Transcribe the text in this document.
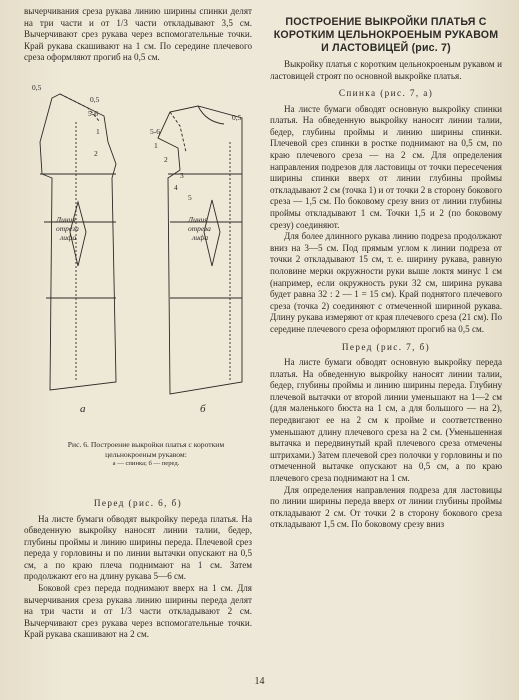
вычерчивания среза рукава линию ширины спинки делят на три части и от 1/3 части откладывают 3,5 см. Вычерчивают срез рукава через вспомогательные точки. Край рукава скашивают на 1 см. По середине плечевого среза оформляют прогиб на 0,5 см.

0,5
0,5
5-6
1
2
Линия
отреза
лифа
5-6
1
2
3
4
5
0,5
Линия
отреза
лифа
а	б
Рис. 6. Построение выкройки платья с коротким цельнокроеным рукавом:
а — спинка; б — перед.
Перед (рис. 6, б)

На листе бумаги обводят выкройку переда платья. На обведенную выкройку наносят линии талии, бедер, глубины проймы и линию ширины переда. Плечевой срез переда у горловины и по линии вытачки опускают на 0,5 см, а по краю плеча поднимают на 1 см. Затем продолжают его на длину рукава 5—6 см.

Боковой срез переда поднимают вверх на 1 см. Для вычерчивания среза рукава линию ширины переда делят на три части и от 1/3 части откладывают 2 см. Вычерчивают срез рукава через вспомогательные точки. Край рукава скашивают на 2 см.

ПОСТРОЕНИЕ ВЫКРОЙКИ ПЛАТЬЯ С КОРОТКИМ ЦЕЛЬНОКРОЕНЫМ РУКАВОМ И ЛАСТОВИЦЕЙ (рис. 7)

Выкройку платья с коротким цельнокроеным рукавом и ластовицей строят по основной выкройке платья.

Спинка (рис. 7, а)

На листе бумаги обводят основную выкройку спинки платья. На обведенную выкройку наносят линии талии, бедер, глубины проймы и линию ширины спинки. Плечевой срез спинки в ростке поднимают на 0,5 см, по краю плечевого среза — на 2 см. Для определения направления подрезов для ластовицы от точки пересечения ширины спинки вверх от линии глубины проймы откладывают 2 см (точка 1) и от точки 2 в сторону бокового среза — 1,5 см. По боковому срезу вниз от линии глубины проймы откладывают 1 см. Точки 1,5 и 2 (по боковому срезу) соединяют.

Для более длинного рукава линию подреза продолжают вниз на 3—5 см. Под прямым углом к линии подреза от точки 2 откладывают 15 см, т. е. ширину рукава, равную половине мерки окружности руки выше локтя минус 1 см (например, если окружность руки 32 см, ширина рукава будет равна 32 : 2 — 1 = 15 см). Край поднятого плечевого среза (точка 2) соединяют с отмеченной шириной рукава. Длину рукава измеряют от края плечевого среза (21 см). По середине плечевого среза оформляют прогиб на 0,5 см.

Перед (рис. 7, б)

На листе бумаги обводят основную выкройку переда платья. На обведенную выкройку наносят линии талии, бедер, глубины проймы и линию ширины переда. Глубину плечевой вытачки от второй линии уменьшают на 1—2 см (для маленького бюста на 1 см, а для большого — на 2), передвигают ее на 2 см к проймe и соответственно уменьшают длину плечевого среза на 2 см. (Уменьшенная вытачка и передвинутый край плечевого среза отмечены штрихами.) Затем плечевой срез полочки у горловины и по отмеченной вытачке опускают на 0,5 см, а по краю плечевого среза поднимают на 1 см.

Для определения направления подреза для ластовицы по линии ширины переда вверх от линии глубины проймы откладывают 2 см. От точки 2 в сторону бокового среза откладывают 1,5 см. По боковому срезу вниз

14
